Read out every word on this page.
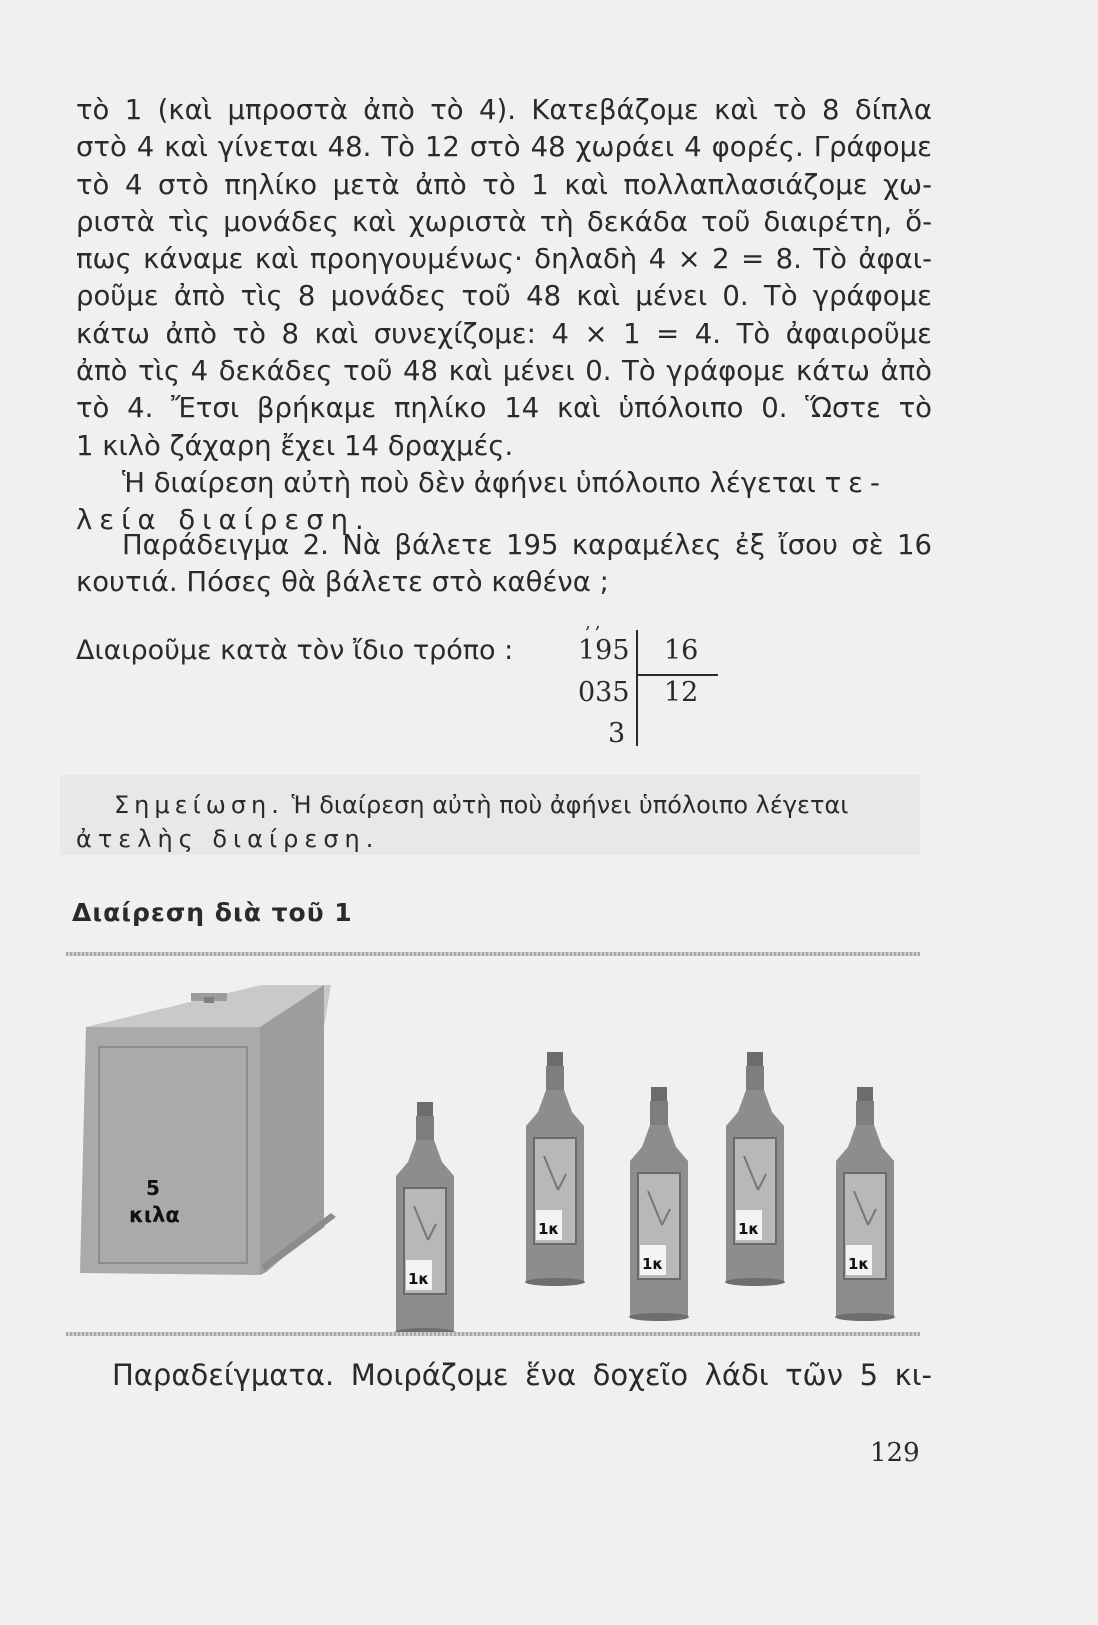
τὸ 1 (καὶ μπροστὰ ἀπὸ τὸ 4). Κατεβάζομε καὶ τὸ 8 δίπλα
στὸ 4 καὶ γίνεται 48. Τὸ 12 στὸ 48 χωράει 4 φορές. Γράφομε
τὸ 4 στὸ πηλίκο μετὰ ἀπὸ τὸ 1 καὶ πολλαπλασιάζομε χω-
ριστὰ τὶς μονάδες καὶ χωριστὰ τὴ δεκάδα τοῦ διαιρέτη, ὅ-
πως κάναμε καὶ προηγουμένως· δηλαδὴ 4 × 2 = 8. Τὸ ἀφαι-
ροῦμε ἀπὸ τὶς 8 μονάδες τοῦ 48 καὶ μένει 0. Τὸ γράφομε
κάτω ἀπὸ τὸ 8 καὶ συνεχίζομε: 4 × 1 = 4. Τὸ ἀφαιροῦμε
ἀπὸ τὶς 4 δεκάδες τοῦ 48 καὶ μένει 0. Τὸ γράφομε κάτω ἀπὸ
τὸ 4. Ἔτσι βρήκαμε πηλίκο 14 καὶ ὑπόλοιπο 0. Ὥστε τὸ
1 κιλὸ ζάχαρη ἔχει 14 δραχμές.
Ἡ διαίρεση αὐτὴ ποὺ δὲν ἀφήνει ὑπόλοιπο λέγεται τε-
λεία διαίρεση.
Παράδειγμα 2. Νὰ βάλετε 195 καραμέλες ἐξ ἴσου σὲ 16
κουτιά. Πόσες θὰ βάλετε στὸ καθένα ;
Διαιροῦμε κατὰ τὸν ἴδιο τρόπο :
‚‚
195 16
035 12
3
Σημείωση. Ἡ διαίρεση αὐτὴ ποὺ ἀφήνει ὑπόλοιπο λέγεται
ἀτελὴς διαίρεση.
Διαίρεση διὰ τοῦ 1
5
κιλα
1κ
1κ
1κ
1κ
1κ
Παραδείγματα. Μοιράζομε ἕνα δοχεῖο λάδι τῶν 5 κι-
129
